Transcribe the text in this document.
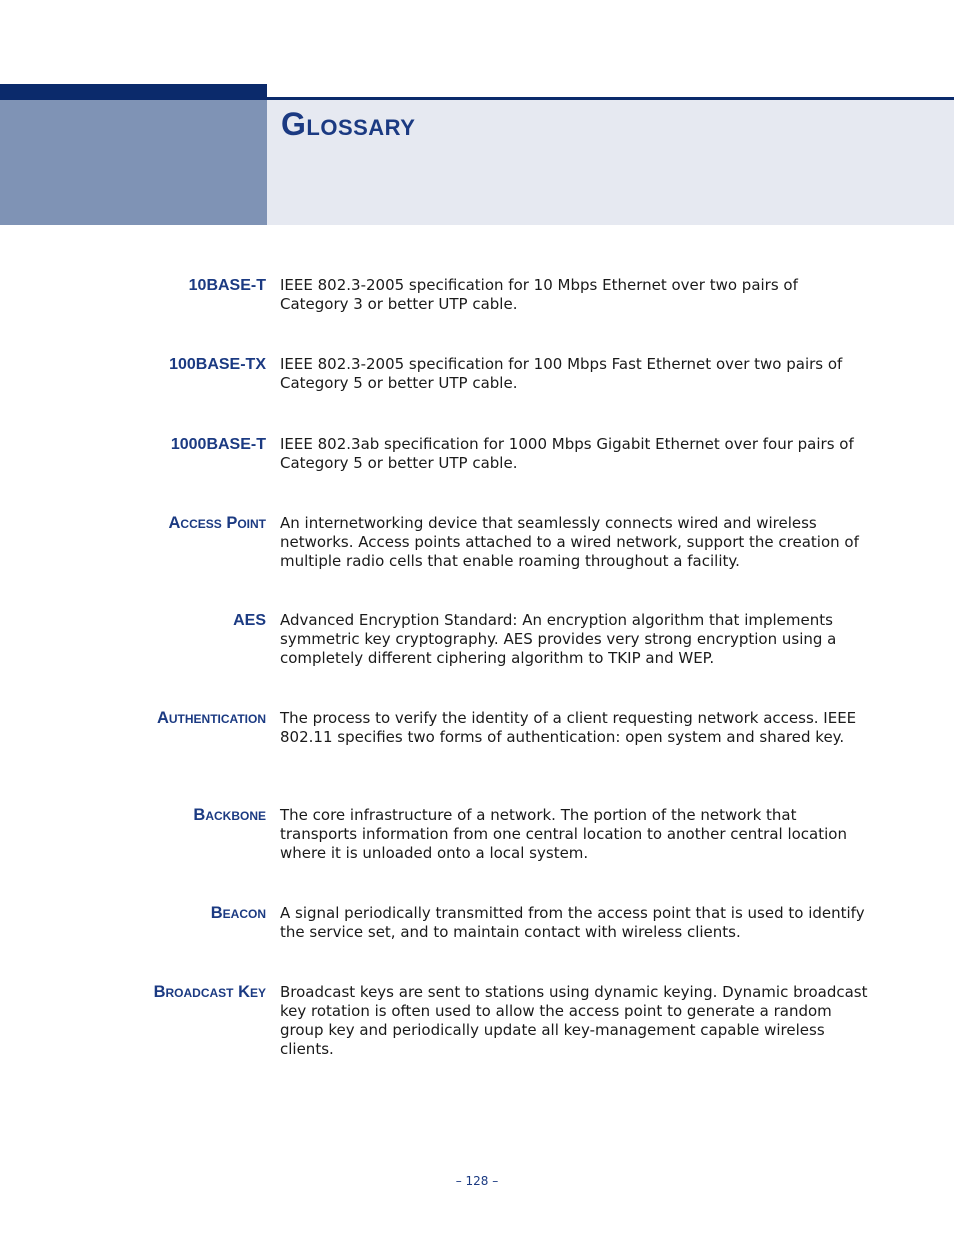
Glossary
10BASE-T IEEE 802.3-2005 specification for 10 Mbps Ethernet over two pairs of Category 3 or better UTP cable.

100BASE-TX IEEE 802.3-2005 specification for 100 Mbps Fast Ethernet over two pairs of Category 5 or better UTP cable.

1000BASE-T IEEE 802.3ab specification for 1000 Mbps Gigabit Ethernet over four pairs of Category 5 or better UTP cable.

Access Point An internetworking device that seamlessly connects wired and wireless networks. Access points attached to a wired network, support the creation of multiple radio cells that enable roaming throughout a facility.

AES Advanced Encryption Standard: An encryption algorithm that implements symmetric key cryptography. AES provides very strong encryption using a completely different ciphering algorithm to TKIP and WEP.

Authentication The process to verify the identity of a client requesting network access. IEEE 802.11 specifies two forms of authentication: open system and shared key.

Backbone The core infrastructure of a network. The portion of the network that transports information from one central location to another central location where it is unloaded onto a local system.

Beacon A signal periodically transmitted from the access point that is used to identify the service set, and to maintain contact with wireless clients.

Broadcast Key Broadcast keys are sent to stations using dynamic keying. Dynamic broadcast key rotation is often used to allow the access point to generate a random group key and periodically update all key-management capable wireless clients.

– 128 –
